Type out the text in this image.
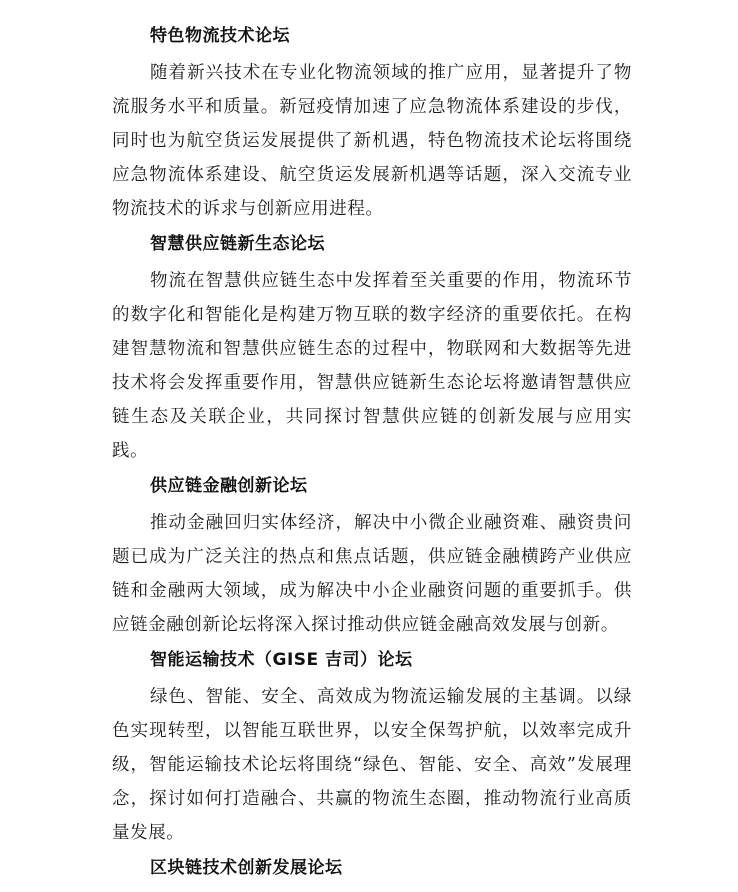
特色物流技术论坛

随着新兴技术在专业化物流领域的推广应用，显著提升了物流服务水平和质量。新冠疫情加速了应急物流体系建设的步伐，同时也为航空货运发展提供了新机遇，特色物流技术论坛将围绕应急物流体系建设、航空货运发展新机遇等话题，深入交流专业物流技术的诉求与创新应用进程。

智慧供应链新生态论坛

物流在智慧供应链生态中发挥着至关重要的作用，物流环节的数字化和智能化是构建万物互联的数字经济的重要依托。在构建智慧物流和智慧供应链生态的过程中，物联网和大数据等先进技术将会发挥重要作用，智慧供应链新生态论坛将邀请智慧供应链生态及关联企业，共同探讨智慧供应链的创新发展与应用实践。

供应链金融创新论坛

推动金融回归实体经济，解决中小微企业融资难、融资贵问题已成为广泛关注的热点和焦点话题，供应链金融横跨产业供应链和金融两大领域，成为解决中小企业融资问题的重要抓手。供应链金融创新论坛将深入探讨推动供应链金融高效发展与创新。

智能运输技术（GISE 吉司）论坛

绿色、智能、安全、高效成为物流运输发展的主基调。以绿色实现转型，以智能互联世界，以安全保驾护航，以效率完成升级，智能运输技术论坛将围绕“绿色、智能、安全、高效”发展理念，探讨如何打造融合、共赢的物流生态圈，推动物流行业高质量发展。

区块链技术创新发展论坛
